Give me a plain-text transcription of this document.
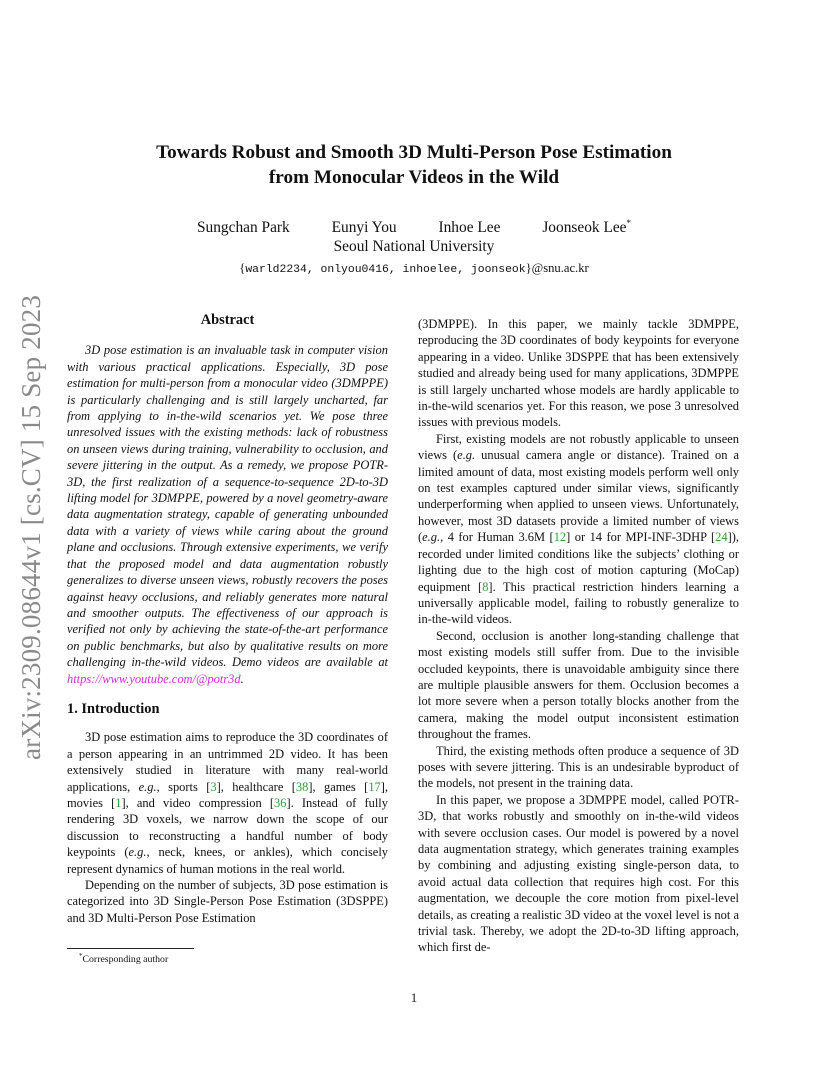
arXiv:2309.08644v1 [cs.CV] 15 Sep 2023
Towards Robust and Smooth 3D Multi-Person Pose Estimation
from Monocular Videos in the Wild
Sungchan Park	Eunyi You	Inhoe Lee	Joonseok Lee*
Seoul National University
{warld2234, onlyou0416, inhoelee, joonseok}@snu.ac.kr
Abstract

3D pose estimation is an invaluable task in computer vision with various practical applications. Especially, 3D pose estimation for multi-person from a monocular video (3DMPPE) is particularly challenging and is still largely uncharted, far from applying to in-the-wild scenarios yet. We pose three unresolved issues with the existing methods: lack of robustness on unseen views during training, vulnerability to occlusion, and severe jittering in the output. As a remedy, we propose POTR-3D, the first realization of a sequence-to-sequence 2D-to-3D lifting model for 3DMPPE, powered by a novel geometry-aware data augmentation strategy, capable of generating unbounded data with a variety of views while caring about the ground plane and occlusions. Through extensive experiments, we verify that the proposed model and data augmentation robustly generalizes to diverse unseen views, robustly recovers the poses against heavy occlusions, and reliably generates more natural and smoother outputs. The effectiveness of our approach is verified not only by achieving the state-of-the-art performance on public benchmarks, but also by qualitative results on more challenging in-the-wild videos. Demo videos are available at https://www.youtube.com/@potr3d.

1. Introduction

3D pose estimation aims to reproduce the 3D coordinates of a person appearing in an untrimmed 2D video. It has been extensively studied in literature with many real-world applications, e.g., sports [3], healthcare [38], games [17], movies [1], and video compression [36]. Instead of fully rendering 3D voxels, we narrow down the scope of our discussion to reconstructing a handful number of body keypoints (e.g., neck, knees, or ankles), which concisely represent dynamics of human motions in the real world.

Depending on the number of subjects, 3D pose estimation is categorized into 3D Single-Person Pose Estimation (3DSPPE) and 3D Multi-Person Pose Estimation

(3DMPPE). In this paper, we mainly tackle 3DMPPE, reproducing the 3D coordinates of body keypoints for everyone appearing in a video. Unlike 3DSPPE that has been extensively studied and already being used for many applications, 3DMPPE is still largely uncharted whose models are hardly applicable to in-the-wild scenarios yet. For this reason, we pose 3 unresolved issues with previous models.

First, existing models are not robustly applicable to unseen views (e.g. unusual camera angle or distance). Trained on a limited amount of data, most existing models perform well only on test examples captured under similar views, significantly underperforming when applied to unseen views. Unfortunately, however, most 3D datasets provide a limited number of views (e.g., 4 for Human 3.6M [12] or 14 for MPI-INF-3DHP [24]), recorded under limited conditions like the subjects’ clothing or lighting due to the high cost of motion capturing (MoCap) equipment [8]. This practical restriction hinders learning a universally applicable model, failing to robustly generalize to in-the-wild videos.

Second, occlusion is another long-standing challenge that most existing models still suffer from. Due to the invisible occluded keypoints, there is unavoidable ambiguity since there are multiple plausible answers for them. Occlusion becomes a lot more severe when a person totally blocks another from the camera, making the model output inconsistent estimation throughout the frames.

Third, the existing methods often produce a sequence of 3D poses with severe jittering. This is an undesirable byproduct of the models, not present in the training data.

In this paper, we propose a 3DMPPE model, called POTR-3D, that works robustly and smoothly on in-the-wild videos with severe occlusion cases. Our model is powered by a novel data augmentation strategy, which generates training examples by combining and adjusting existing single-person data, to avoid actual data collection that requires high cost. For this augmentation, we decouple the core motion from pixel-level details, as creating a realistic 3D video at the voxel level is not a trivial task. Thereby, we adopt the 2D-to-3D lifting approach, which first de-

*Corresponding author
1
